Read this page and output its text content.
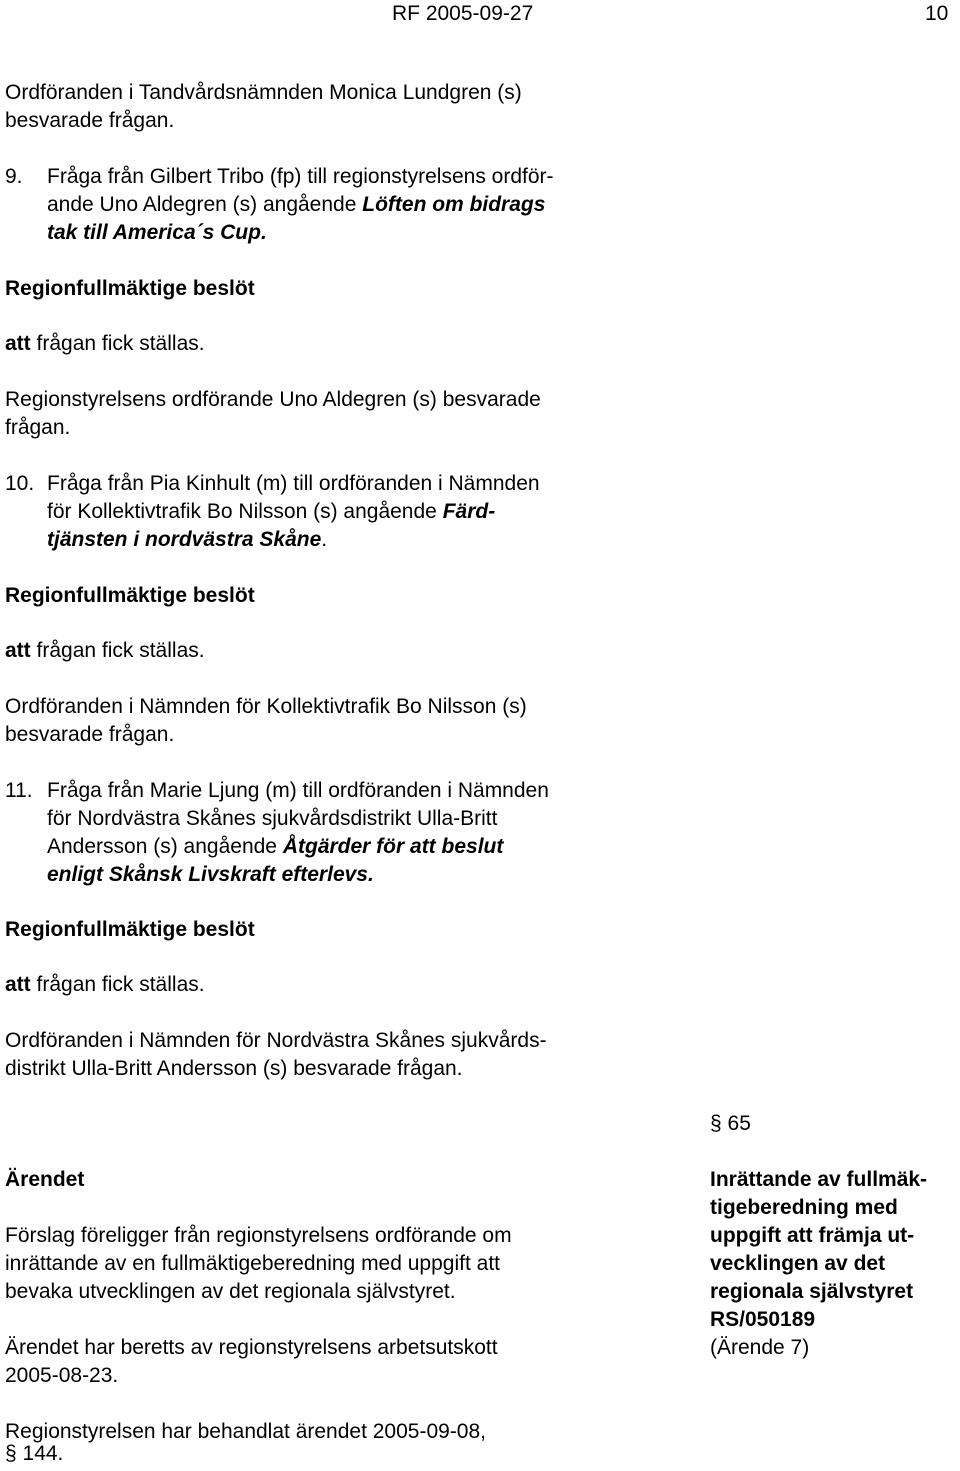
RF 2005-09-27	10
Ordföranden i Tandvårdsnämnden Monica Lundgren (s)
besvarade frågan.
9. Fråga från Gilbert Tribo (fp) till regionstyrelsens ordför-
ande Uno Aldegren (s) angående Löften om bidrags
tak till America´s Cup.
Regionfullmäktige beslöt
att frågan fick ställas.
Regionstyrelsens ordförande Uno Aldegren (s) besvarade
frågan.
10. Fråga från Pia Kinhult (m) till ordföranden i Nämnden
för Kollektivtrafik Bo Nilsson (s) angående Färd-
tjänsten i nordvästra Skåne.
Regionfullmäktige beslöt
att frågan fick ställas.
Ordföranden i Nämnden för Kollektivtrafik Bo Nilsson (s)
besvarade frågan.
11. Fråga från Marie Ljung (m) till ordföranden i Nämnden
för Nordvästra Skånes sjukvårdsdistrikt Ulla-Britt
Andersson (s) angående Åtgärder för att beslut
enligt Skånsk Livskraft efterlevs.
Regionfullmäktige beslöt
att frågan fick ställas.
Ordföranden i Nämnden för Nordvästra Skånes sjukvårds-
distrikt Ulla-Britt Andersson (s) besvarade frågan.
§ 65
Ärendet	Inrättande av fullmäk-
tigeberedning med
uppgift att främja ut-
vecklingen av det
regionala självstyret
RS/050189
(Ärende 7)
Förslag föreligger från regionstyrelsens ordförande om
inrättande av en fullmäktigeberedning med uppgift att
bevaka utvecklingen av det regionala självstyret.
Ärendet har beretts av regionstyrelsens arbetsutskott
2005-08-23.
Regionstyrelsen har behandlat ärendet 2005-09-08,
§ 144.
